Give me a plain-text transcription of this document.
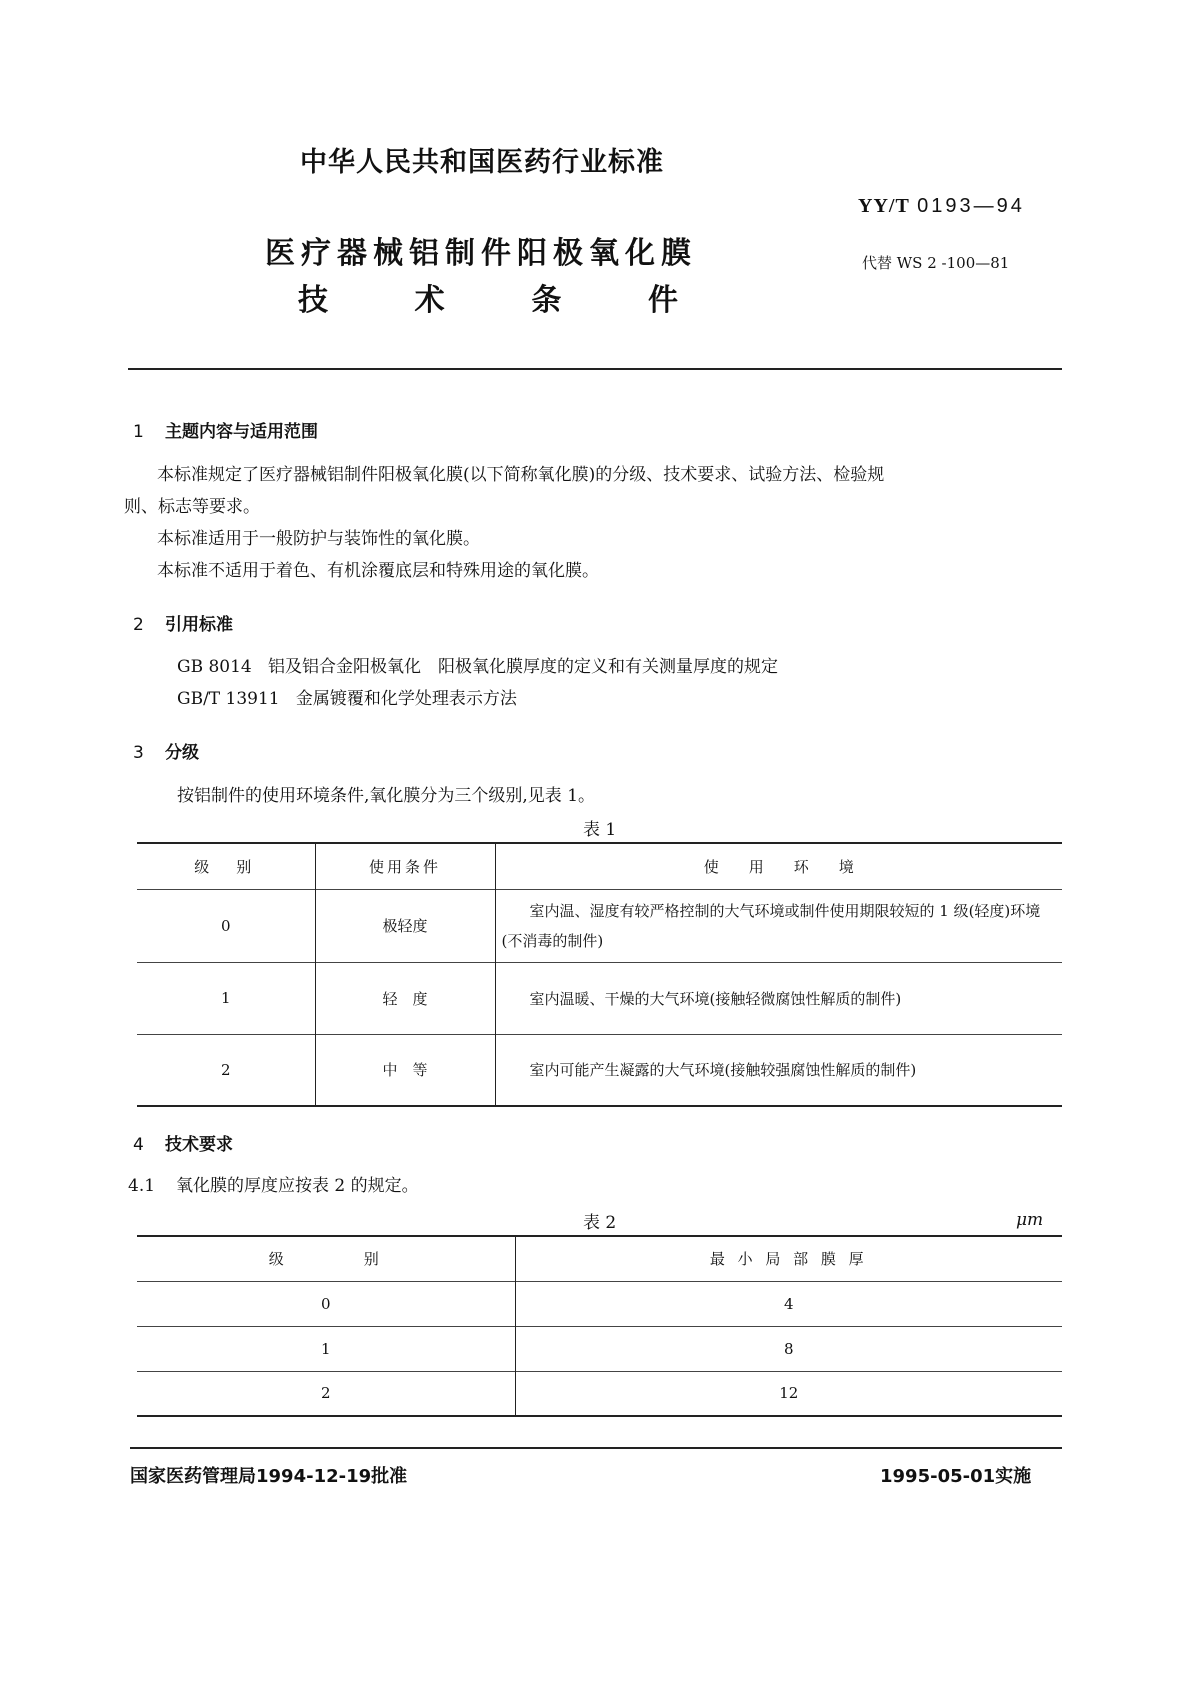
中华人民共和国医药行业标准
YY/T 0193—94
医疗器械铝制件阳极氧化膜
技	术	条	件
代替 WS 2 -100—81
1 主题内容与适用范围
本标准规定了医疗器械铝制件阳极氧化膜(以下简称氧化膜)的分级、技术要求、试验方法、检验规
则、标志等要求。
本标准适用于一般防护与装饰性的氧化膜。
本标准不适用于着色、有机涂覆底层和特殊用途的氧化膜。
2 引用标准
GB 8014 铝及铝合金阳极氧化　阳极氧化膜厚度的定义和有关测量厚度的规定
GB/T 13911 金属镀覆和化学处理表示方法
3 分级
按铝制件的使用环境条件,氧化膜分为三个级别,见表 1。
表 1
级　别	使用条件	使　　用　　环　　境
0	极轻度	室内温、湿度有较严格控制的大气环境或制件使用期限较短的 1 级(轻度)环境(不消毒的制件)
1	轻　度	室内温暖、干燥的大气环境(接触轻微腐蚀性解质的制件)
2	中　等	室内可能产生凝露的大气环境(接触较强腐蚀性解质的制件)
4 技术要求
4.1 氧化膜的厚度应按表 2 的规定。
表 2	μm
级　　　　别	最 小 局 部 膜 厚
0	4
1	8
2	12
国家医药管理局1994-12-19批准	1995-05-01实施
